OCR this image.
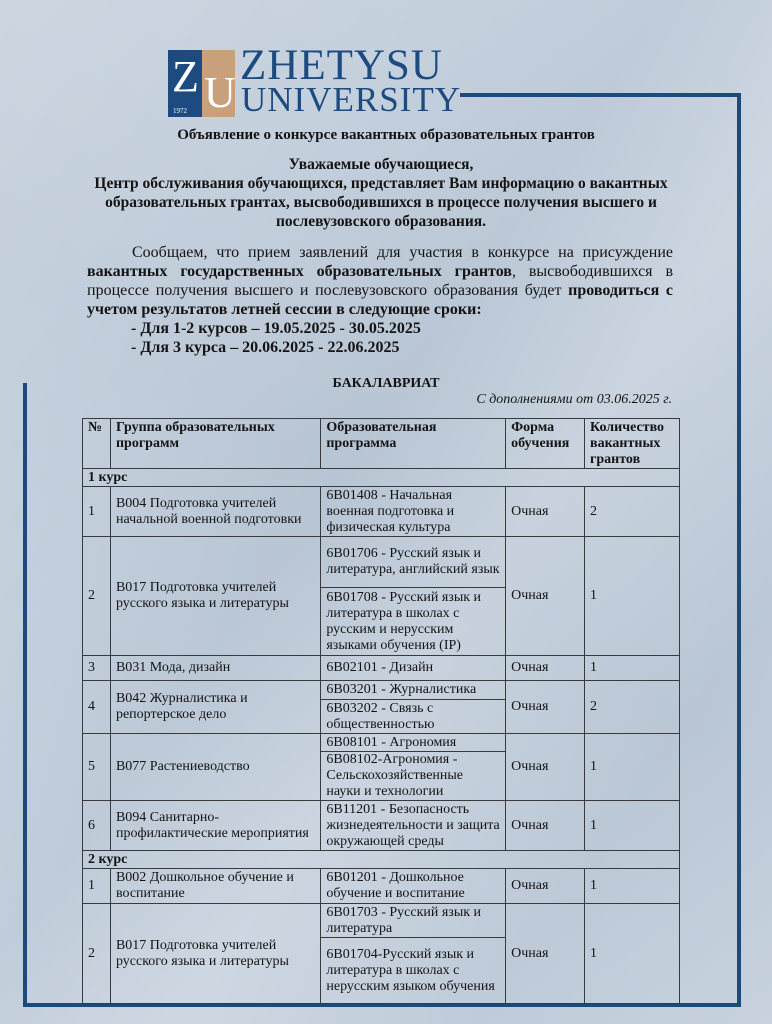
Z
1972 U
ZHETYSU
UNIVERSITY
Объявление о конкурсе вакантных образовательных грантов
Уважаемые обучающиеся,
Центр обслуживания обучающихся, представляет Вам информацию о вакантных образовательных грантах, высвободившихся в процессе получения высшего и послевузовского образования.
Сообщаем, что прием заявлений для участия в конкурсе на присуждение вакантных государственных образовательных грантов, высвободившихся в процессе получения высшего и послевузовского образования будет проводиться с учетом результатов летней сессии в следующие сроки:
- Для 1-2 курсов – 19.05.2025 - 30.05.2025
- Для 3 курса – 20.06.2025 - 22.06.2025
БАКАЛАВРИАТ
С дополнениями от 03.06.2025 г.
№	Группа образовательных программ	Образовательная программа	Форма обучения	Количество вакантных грантов
1 курс				
1	В004 Подготовка учителей начальной военной подготовки	6В01408 - Начальная военная подготовка и физическая культура	Очная	2
2	В017 Подготовка учителей русского языка и литературы	6В01706 - Русский язык и литература, английский язык	Очная	1
		6В01708 - Русский язык и литература в школах с русским и нерусским языками обучения (IP)		
3	В031 Мода, дизайн	6В02101 - Дизайн	Очная	1
4	В042 Журналистика и репортерское дело	6В03201 - Журналистика	Очная	2
		6В03202 - Связь с общественностью		
5	В077 Растениеводство	6В08101 - Агрономия	Очная	1
		6В08102-Агрономия - Сельскохозяйственные науки и технологии		
6	В094 Санитарно-профилактические мероприятия	6В11201 - Безопасность жизнедеятельности и защита окружающей среды	Очная	1
2 курс				
1	В002 Дошкольное обучение и воспитание	6В01201 - Дошкольное обучение и воспитание	Очная	1
2	В017 Подготовка учителей русского языка и литературы	6В01703 - Русский язык и литература	Очная	1
		6В01704-Русский язык и литература в школах с нерусским языком обучения		
